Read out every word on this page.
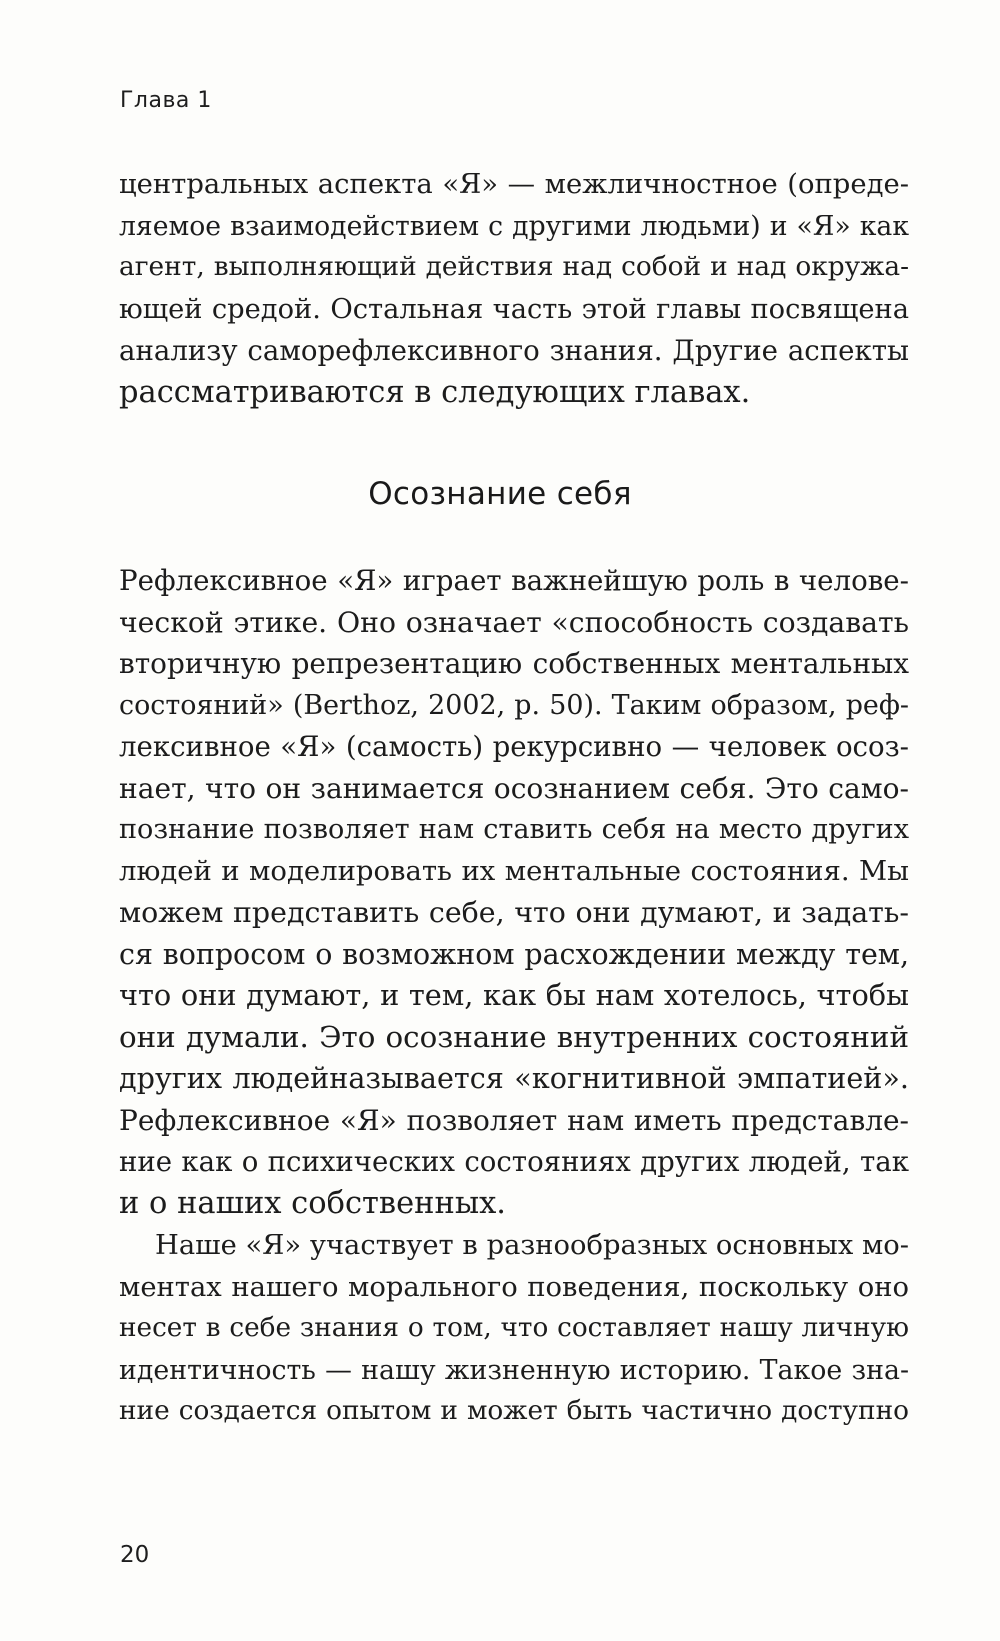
Глава 1
центральных аспекта «Я» — межличностное (опреде-
ляемое взаимодействием с другими людьми) и «Я» как
агент, выполняющий действия над собой и над окружа-
ющей средой. Остальная часть этой главы посвящена
анализу саморефлексивного знания. Другие аспекты
рассматриваются в следующих главах.
Осознание себя
Рефлексивное «Я» играет важнейшую роль в челове-
ческой этике. Оно означает «способность создавать
вторичную репрезентацию собственных ментальных
состояний» (Berthoz, 2002, p. 50). Таким образом, реф-
лексивное «Я» (самость) рекурсивно — человек осоз-
нает, что он занимается осознанием себя. Это само-
познание позволяет нам ставить себя на место других
людей и моделировать их ментальные состояния. Мы
можем представить себе, что они думают, и задать-
ся вопросом о возможном расхождении между тем,
что они думают, и тем, как бы нам хотелось, чтобы
они думали. Это осознание внутренних состояний
других людейназывается «когнитивной эмпатией».
Рефлексивное «Я» позволяет нам иметь представле-
ние как о психических состояниях других людей, так
и о наших собственных.
Наше «Я» участвует в разнообразных основных мо-
ментах нашего морального поведения, поскольку оно
несет в себе знания о том, что составляет нашу личную
идентичность — нашу жизненную историю. Такое зна-
ние создается опытом и может быть частично доступно
20
